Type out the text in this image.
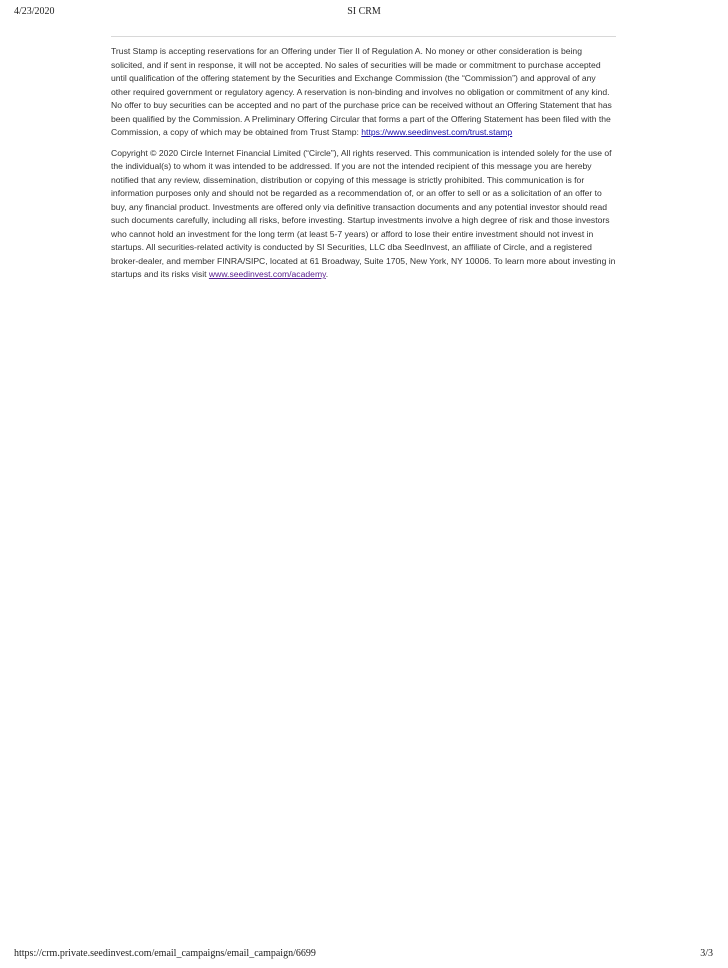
4/23/2020	SI CRM

Trust Stamp is accepting reservations for an Offering under Tier II of Regulation A. No money or other consideration is being solicited, and if sent in response, it will not be accepted. No sales of securities will be made or commitment to purchase accepted until qualification of the offering statement by the Securities and Exchange Commission (the “Commission”) and approval of any other required government or regulatory agency. A reservation is non-binding and involves no obligation or commitment of any kind. No offer to buy securities can be accepted and no part of the purchase price can be received without an Offering Statement that has been qualified by the Commission. A Preliminary Offering Circular that forms a part of the Offering Statement has been filed with the Commission, a copy of which may be obtained from Trust Stamp: https://www.seedinvest.com/trust.stamp

Copyright © 2020 Circle Internet Financial Limited (“Circle”), All rights reserved. This communication is intended solely for the use of the individual(s) to whom it was intended to be addressed. If you are not the intended recipient of this message you are hereby notified that any review, dissemination, distribution or copying of this message is strictly prohibited. This communication is for information purposes only and should not be regarded as a recommendation of, or an offer to sell or as a solicitation of an offer to buy, any financial product. Investments are offered only via definitive transaction documents and any potential investor should read such documents carefully, including all risks, before investing. Startup investments involve a high degree of risk and those investors who cannot hold an investment for the long term (at least 5-7 years) or afford to lose their entire investment should not invest in startups. All securities-related activity is conducted by SI Securities, LLC dba SeedInvest, an affiliate of Circle, and a registered broker-dealer, and member FINRA/SIPC, located at 61 Broadway, Suite 1705, New York, NY 10006. To learn more about investing in startups and its risks visit www.seedinvest.com/academy.

https://crm.private.seedinvest.com/email_campaigns/email_campaign/6699	3/3
